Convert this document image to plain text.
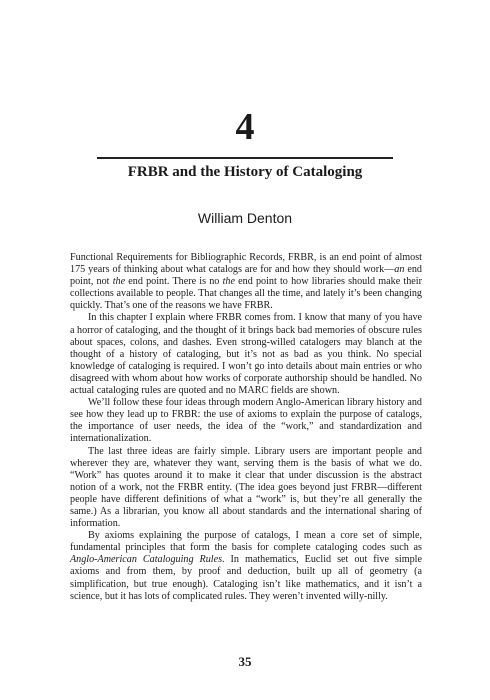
4
FRBR and the History of Cataloging
William Denton

Functional Requirements for Bibliographic Records, FRBR, is an end point of almost 175 years of thinking about what catalogs are for and how they should work—an end point, not the end point. There is no the end point to how libraries should make their collections available to people. That changes all the time, and lately it’s been changing quickly. That’s one of the reasons we have FRBR.

In this chapter I explain where FRBR comes from. I know that many of you have a horror of cataloging, and the thought of it brings back bad memories of obscure rules about spaces, colons, and dashes. Even strong-willed catalogers may blanch at the thought of a history of cataloging, but it’s not as bad as you think. No special knowledge of cataloging is required. I won’t go into details about main entries or who disagreed with whom about how works of corporate authorship should be handled. No actual cataloging rules are quoted and no MARC fields are shown.

We’ll follow these four ideas through modern Anglo-American library history and see how they lead up to FRBR: the use of axioms to explain the purpose of catalogs, the importance of user needs, the idea of the “work,” and standardization and internationalization.

The last three ideas are fairly simple. Library users are important people and wherever they are, whatever they want, serving them is the basis of what we do. “Work” has quotes around it to make it clear that under discussion is the abstract notion of a work, not the FRBR entity. (The idea goes beyond just FRBR—different people have different definitions of what a “work” is, but they’re all generally the same.) As a librarian, you know all about standards and the international sharing of information.

By axioms explaining the purpose of catalogs, I mean a core set of simple, fundamental principles that form the basis for complete cataloging codes such as Anglo-American Cataloguing Rules. In mathematics, Euclid set out five simple axioms and from them, by proof and deduction, built up all of geometry (a simplification, but true enough). Cataloging isn’t like mathematics, and it isn’t a science, but it has lots of complicated rules. They weren’t invented willy-nilly.

35
